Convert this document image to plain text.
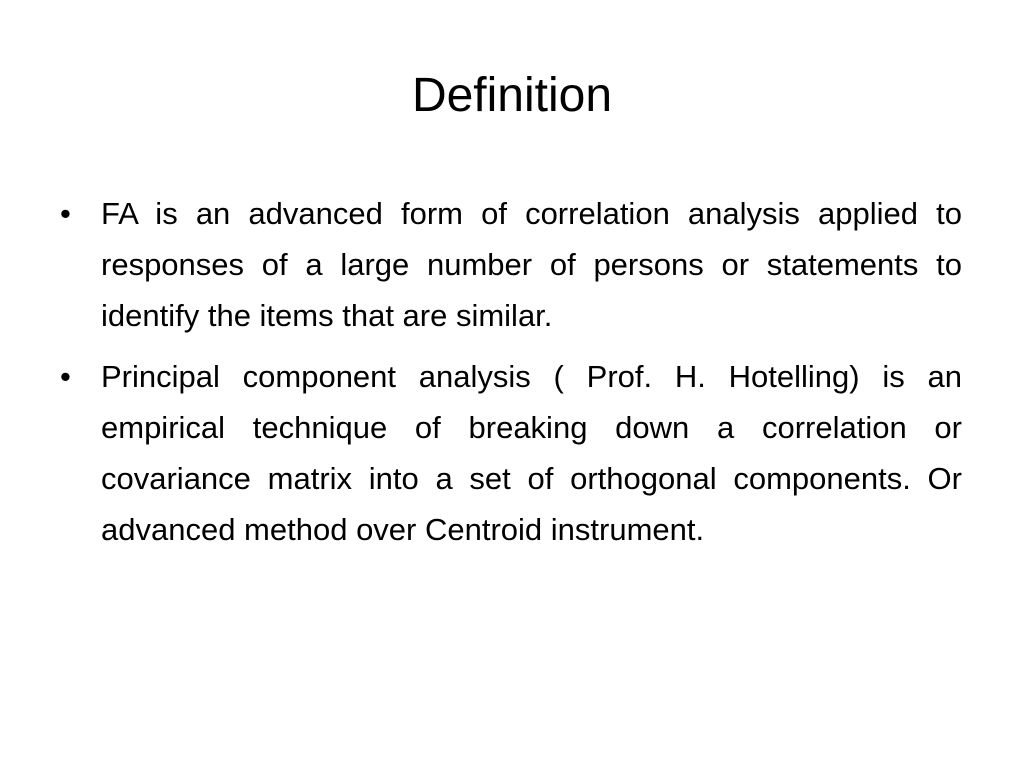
Definition
• FA is an advanced form of correlation analysis applied to responses of a large number of persons or statements to identify the items that are similar.
• Principal component analysis ( Prof. H. Hotelling) is an empirical technique of breaking down a correlation or covariance matrix into a set of orthogonal components. Or advanced method over Centroid instrument.
